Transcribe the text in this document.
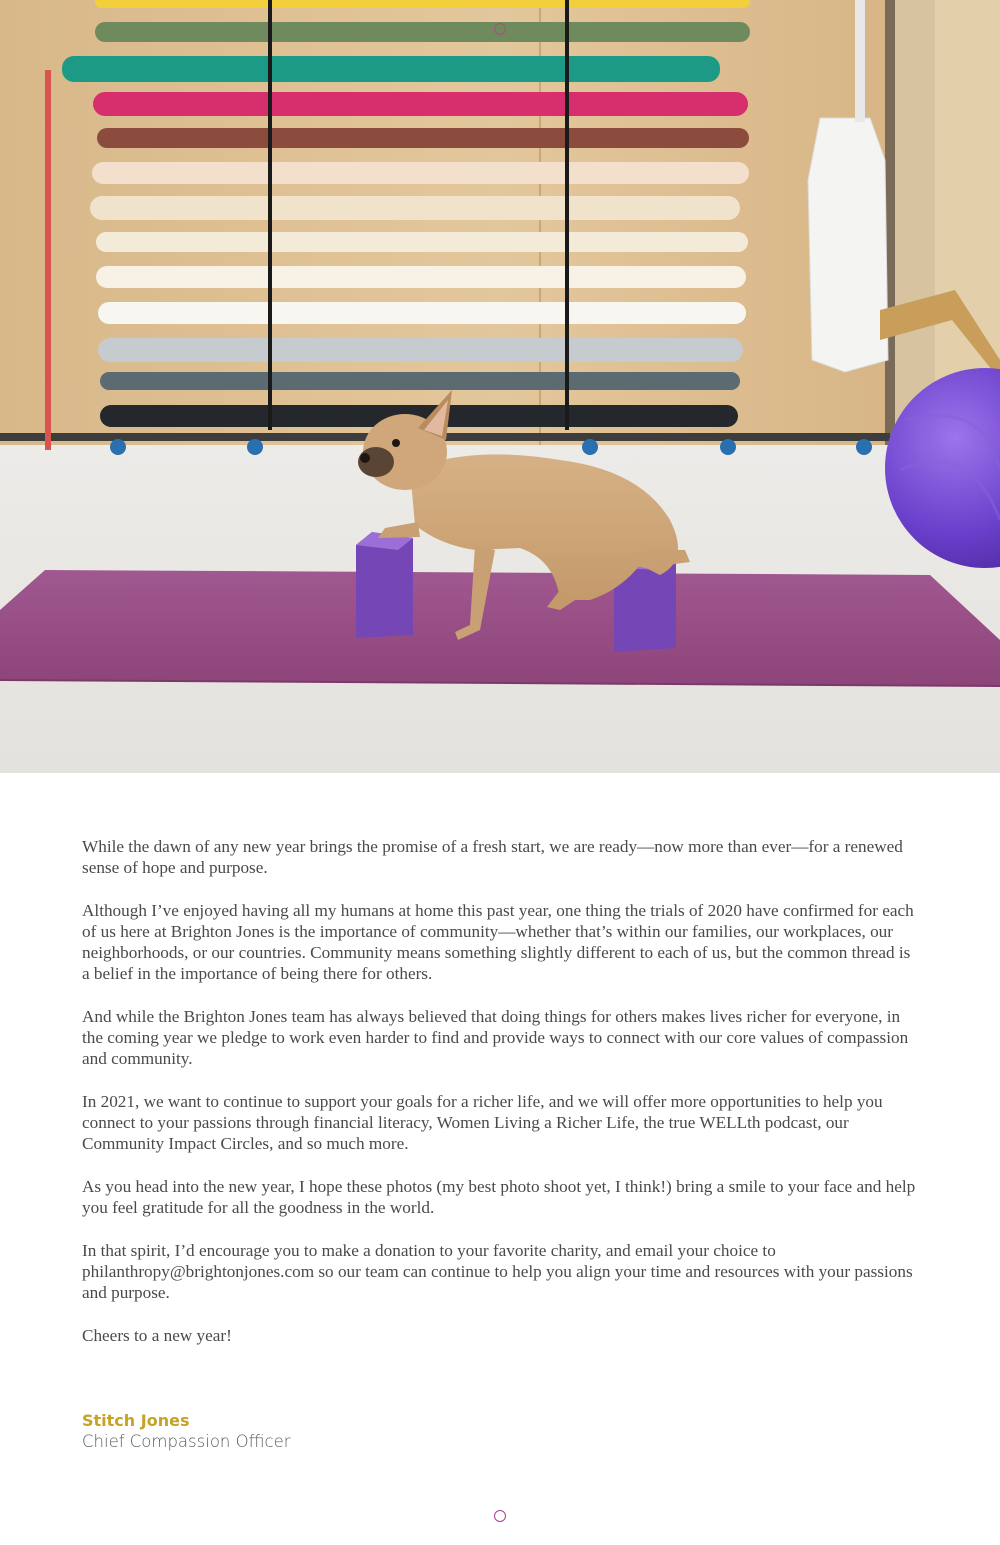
While the dawn of any new year brings the promise of a fresh start, we are ready—now more than ever—for a renewed sense of hope and purpose.

Although I’ve enjoyed having all my humans at home this past year, one thing the trials of 2020 have confirmed for each of us here at Brighton Jones is the importance of community—whether that’s within our families, our workplaces, our neighborhoods, or our countries. Community means something slightly different to each of us, but the common thread is a belief in the importance of being there for others.

And while the Brighton Jones team has always believed that doing things for others makes lives richer for everyone, in the coming year we pledge to work even harder to find and provide ways to connect with our core values of compassion and community.

In 2021, we want to continue to support your goals for a richer life, and we will offer more opportunities to help you connect to your passions through financial literacy, Women Living a Richer Life, the true WELLth podcast, our Community Impact Circles, and so much more.

As you head into the new year, I hope these photos (my best photo shoot yet, I think!) bring a smile to your face and help you feel gratitude for all the goodness in the world.

In that spirit, I’d encourage you to make a donation to your favorite charity, and email your choice to philanthropy@brightonjones.com so our team can continue to help you align your time and resources with your passions and purpose.

Cheers to a new year!

Stitch Jones
Chief Compassion Officer
